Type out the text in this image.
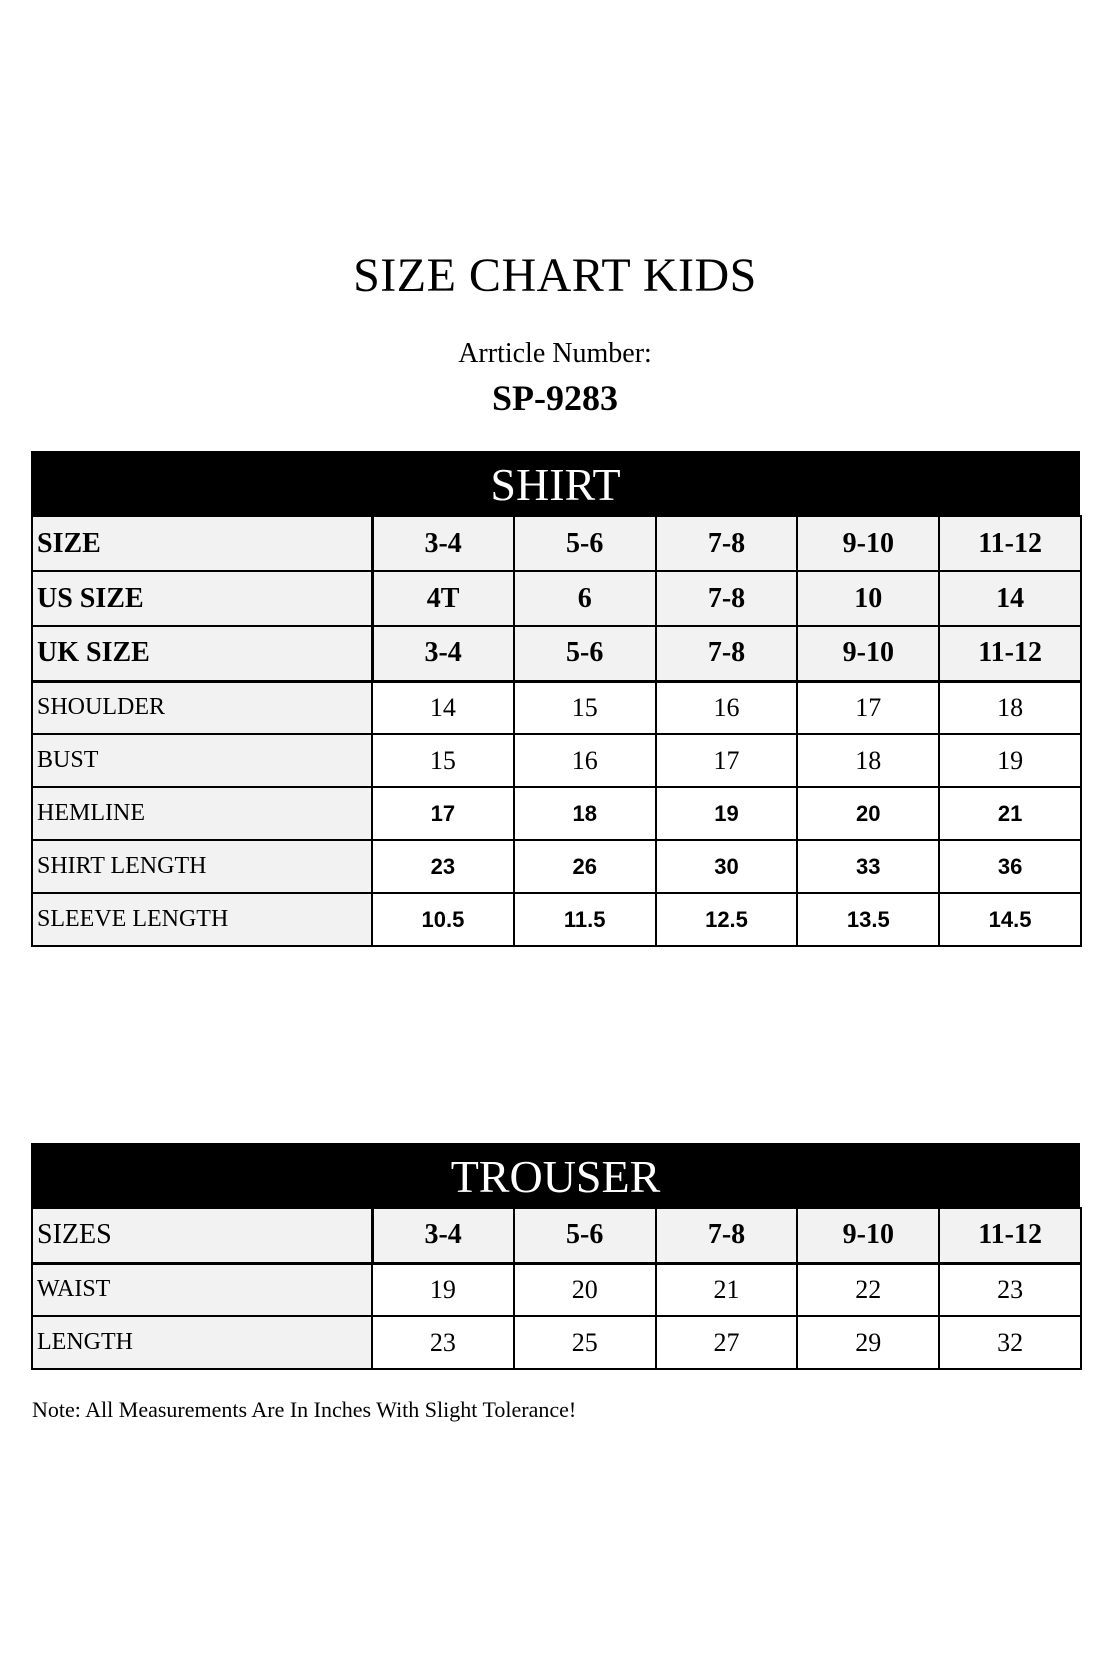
SIZE CHART KIDS
Arrticle Number:
SP-9283
SHIRT
SIZE	3-4	5-6	7-8	9-10	11-12
US SIZE	4T	6	7-8	10	14
UK SIZE	3-4	5-6	7-8	9-10	11-12
SHOULDER	14	15	16	17	18
BUST	15	16	17	18	19
HEMLINE	17	18	19	20	21
SHIRT LENGTH	23	26	30	33	36
SLEEVE LENGTH	10.5	11.5	12.5	13.5	14.5
TROUSER
SIZES	3-4	5-6	7-8	9-10	11-12
WAIST	19	20	21	22	23
LENGTH	23	25	27	29	32
Note: All Measurements Are In Inches With Slight Tolerance!
